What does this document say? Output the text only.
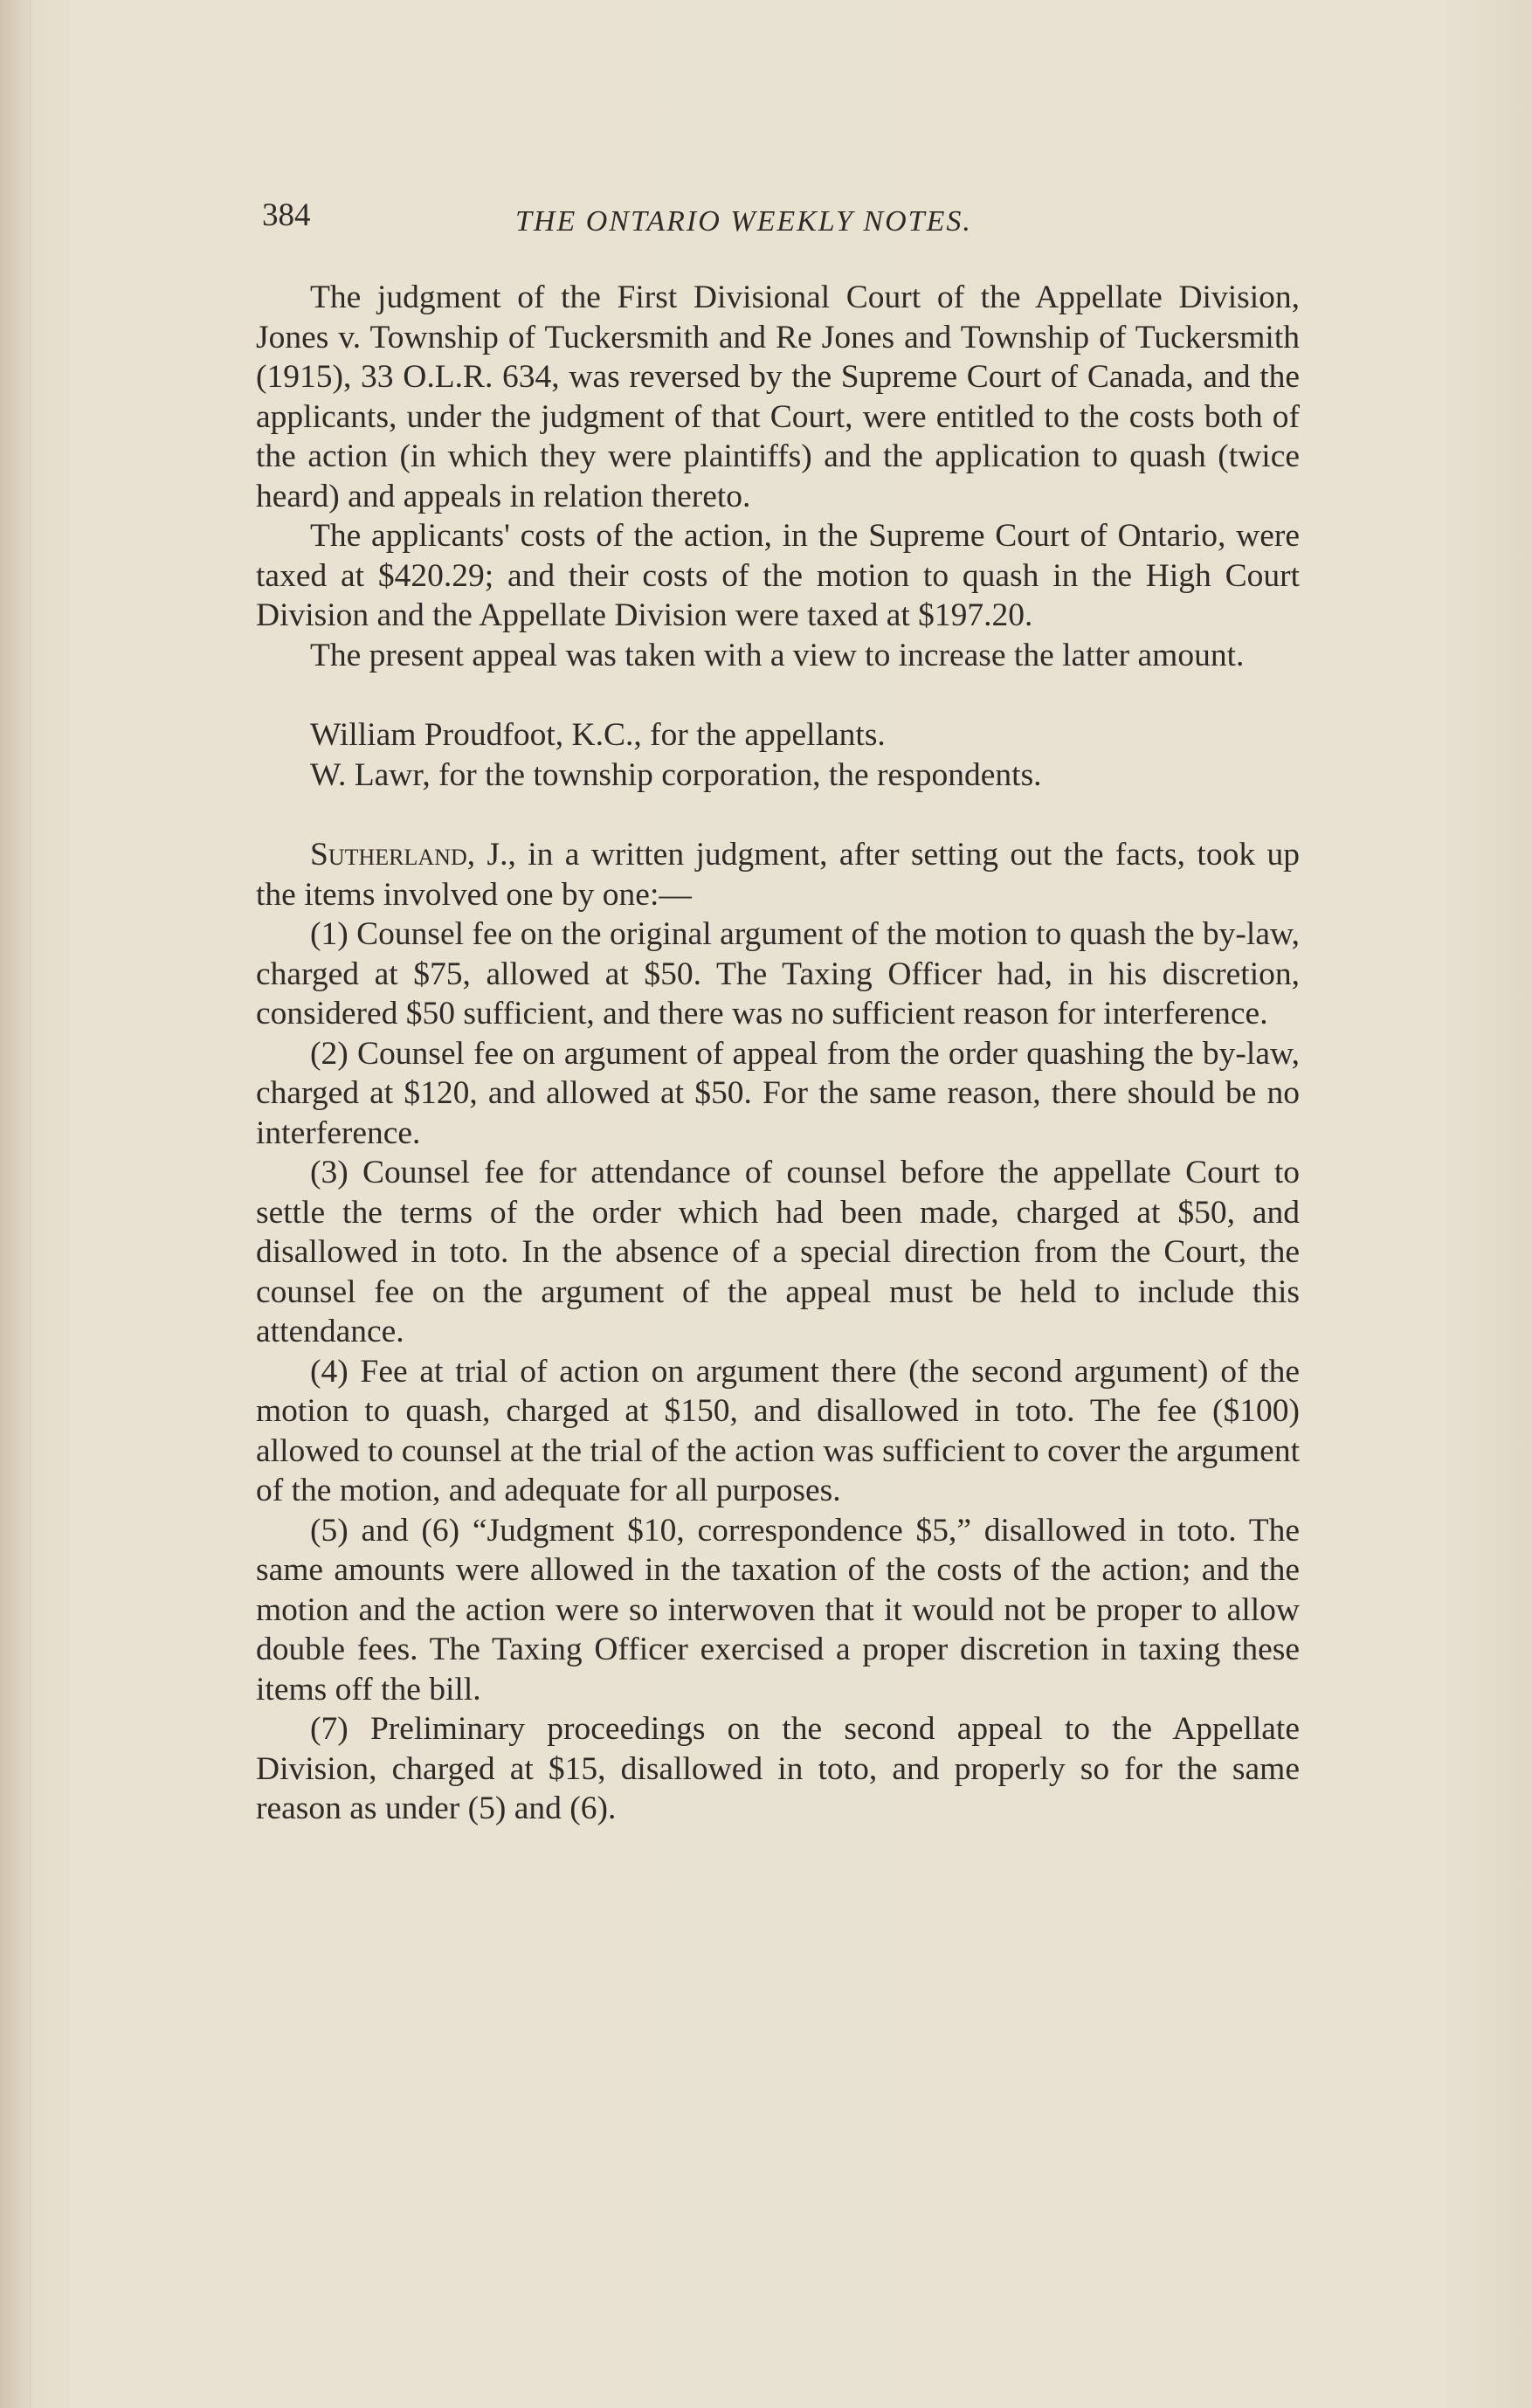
384	THE ONTARIO WEEKLY NOTES.

The judgment of the First Divisional Court of the Appellate Division, Jones v. Township of Tuckersmith and Re Jones and Township of Tuckersmith (1915), 33 O.L.R. 634, was reversed by the Supreme Court of Canada, and the applicants, under the judgment of that Court, were entitled to the costs both of the action (in which they were plaintiffs) and the application to quash (twice heard) and appeals in relation thereto.

The applicants' costs of the action, in the Supreme Court of Ontario, were taxed at $420.29; and their costs of the motion to quash in the High Court Division and the Appellate Division were taxed at $197.20.

The present appeal was taken with a view to increase the latter amount.

William Proudfoot, K.C., for the appellants.

W. Lawr, for the township corporation, the respondents.

Sutherland, J., in a written judgment, after setting out the facts, took up the items involved one by one:—

(1) Counsel fee on the original argument of the motion to quash the by-law, charged at $75, allowed at $50. The Taxing Officer had, in his discretion, considered $50 sufficient, and there was no sufficient reason for interference.

(2) Counsel fee on argument of appeal from the order quashing the by-law, charged at $120, and allowed at $50. For the same reason, there should be no interference.

(3) Counsel fee for attendance of counsel before the appellate Court to settle the terms of the order which had been made, charged at $50, and disallowed in toto. In the absence of a special direction from the Court, the counsel fee on the argument of the appeal must be held to include this attendance.

(4) Fee at trial of action on argument there (the second argument) of the motion to quash, charged at $150, and disallowed in toto. The fee ($100) allowed to counsel at the trial of the action was sufficient to cover the argument of the motion, and adequate for all purposes.

(5) and (6) “Judgment $10, correspondence $5,” disallowed in toto. The same amounts were allowed in the taxation of the costs of the action; and the motion and the action were so interwoven that it would not be proper to allow double fees. The Taxing Officer exercised a proper discretion in taxing these items off the bill.

(7) Preliminary proceedings on the second appeal to the Appellate Division, charged at $15, disallowed in toto, and properly so for the same reason as under (5) and (6).
